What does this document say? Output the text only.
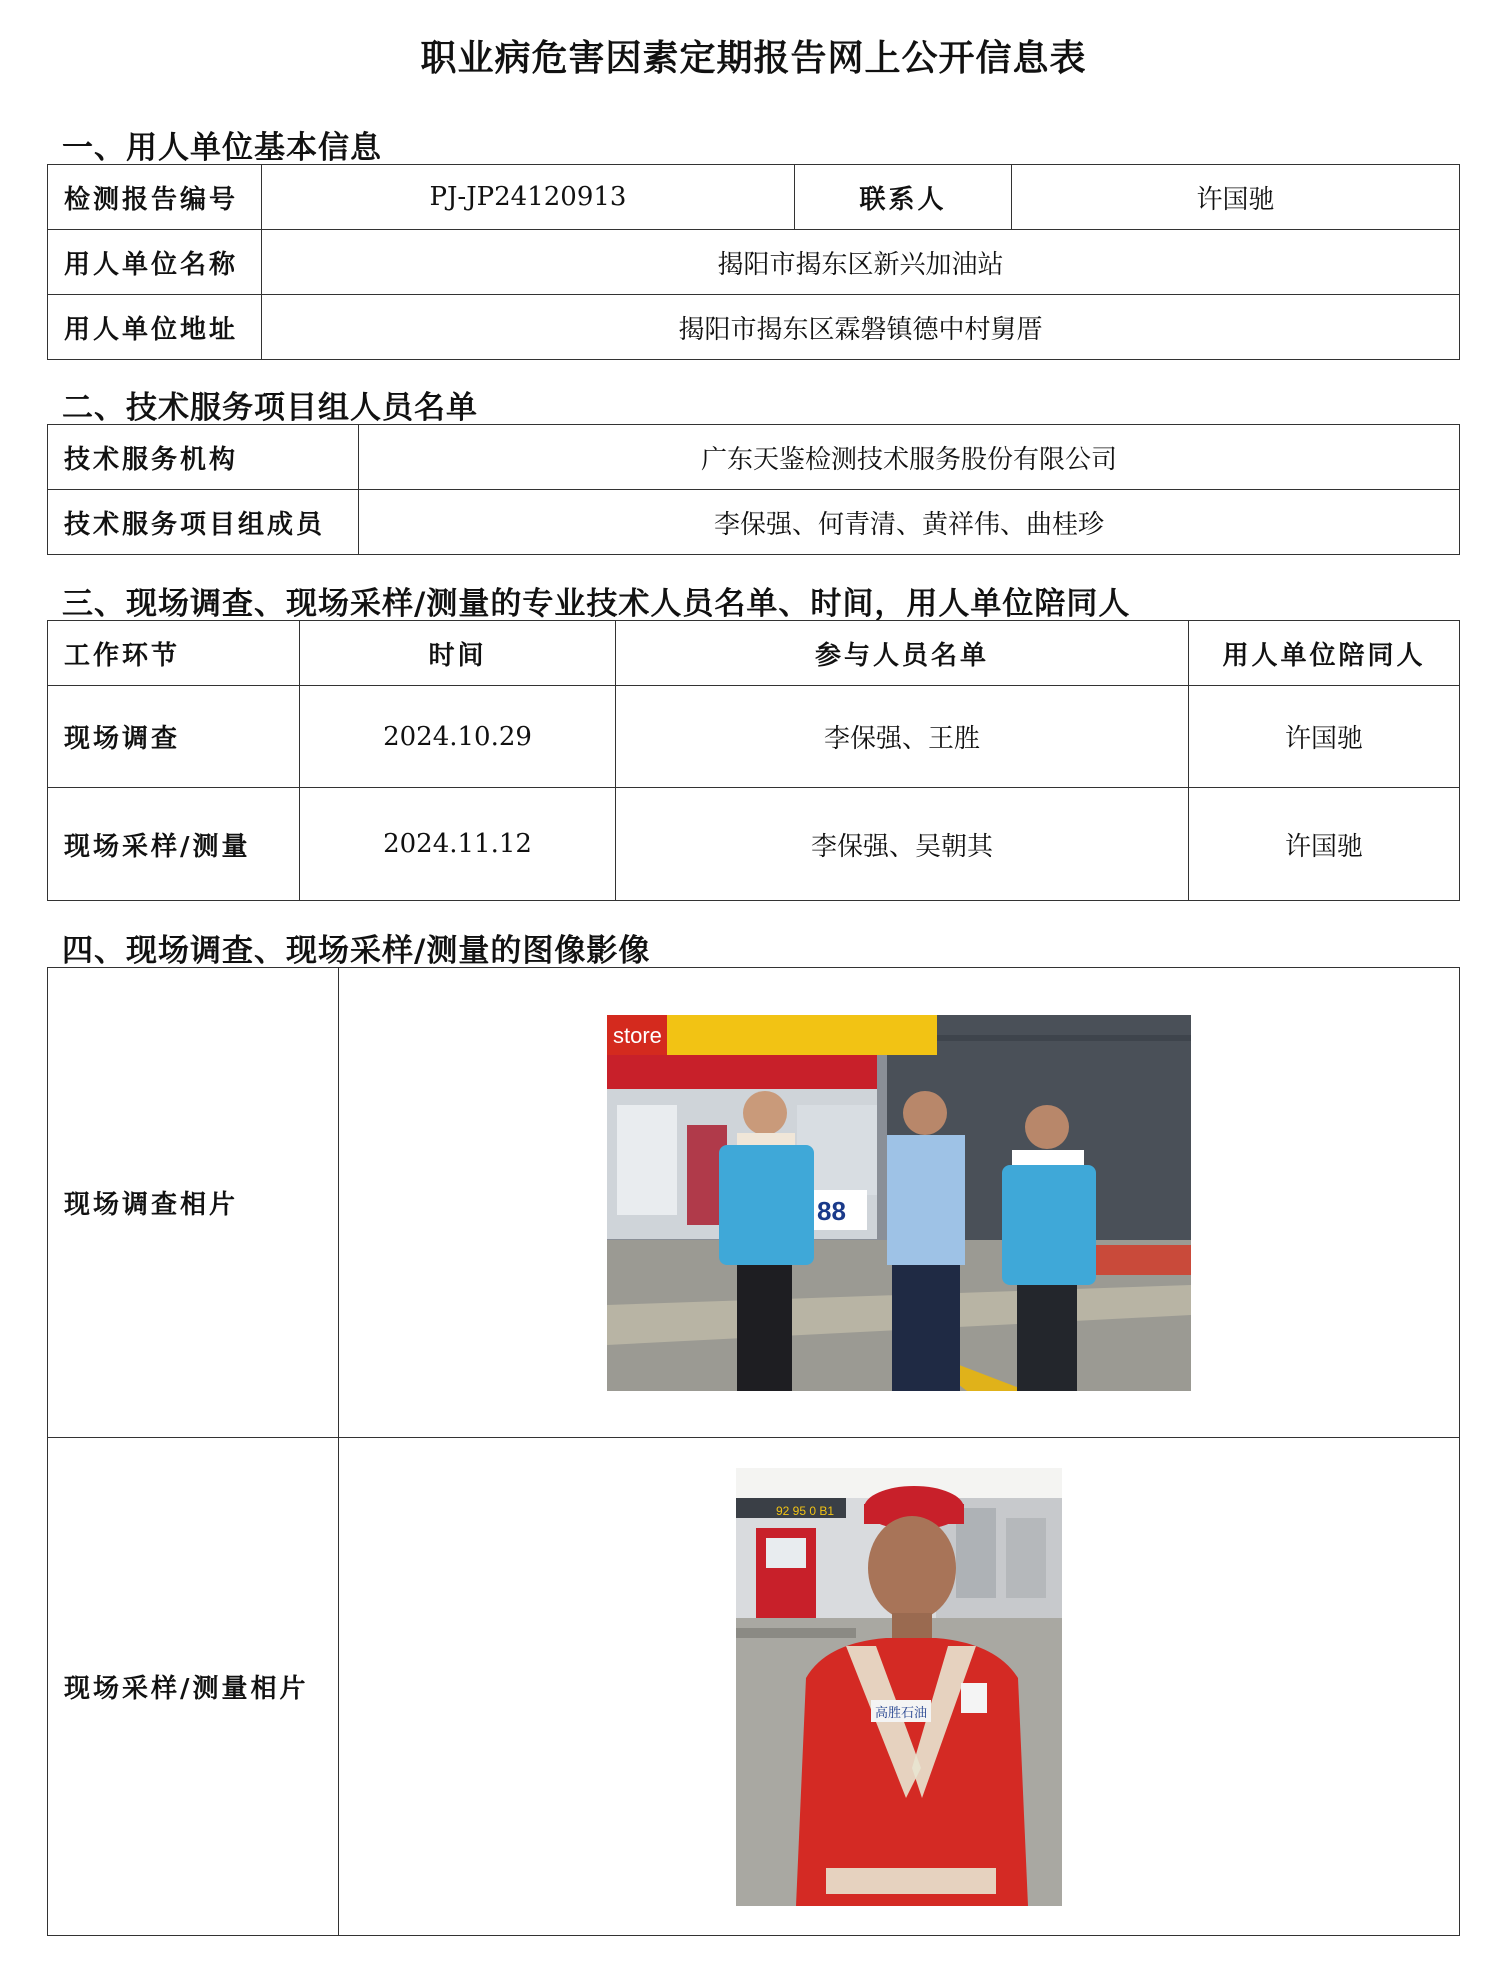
职业病危害因素定期报告网上公开信息表
一、用人单位基本信息
检测报告编号	PJ-JP24120913	联系人	许国驰
用人单位名称	揭阳市揭东区新兴加油站		
用人单位地址	揭阳市揭东区霖磐镇德中村舅厝		
二、技术服务项目组人员名单
技术服务机构	广东天鉴检测技术服务股份有限公司
技术服务项目组成员	李保强、何青清、黄祥伟、曲桂珍
三、现场调查、现场采样/测量的专业技术人员名单、时间，用人单位陪同人
工作环节	时间	参与人员名单	用人单位陪同人
现场调查	2024.10.29	李保强、王胜	许国驰
现场采样/测量	2024.11.12	李保强、吴朝其	许国驰
四、现场调查、现场采样/测量的图像影像
现场调查相片	store
88

现场采样/测量相片	92 95 0 B1
高胜石油
